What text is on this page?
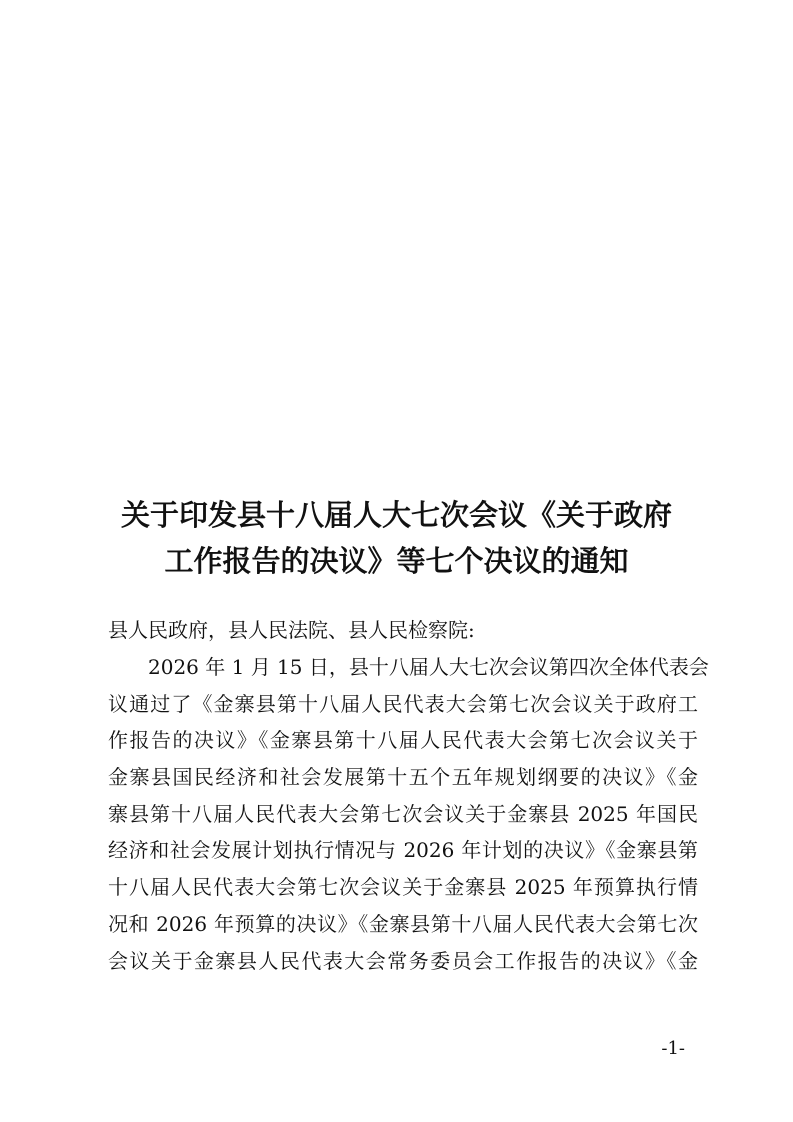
关于印发县十八届人大七次会议《关于政府
工作报告的决议》等七个决议的通知
县人民政府，县人民法院、县人民检察院:
2026 年 1 月 15 日，县十八届人大七次会议第四次全体代表会
议通过了《金寨县第十八届人民代表大会第七次会议关于政府工
作报告的决议》《金寨县第十八届人民代表大会第七次会议关于
金寨县国民经济和社会发展第十五个五年规划纲要的决议》《金
寨县第十八届人民代表大会第七次会议关于金寨县 2025 年国民
经济和社会发展计划执行情况与 2026 年计划的决议》《金寨县第
十八届人民代表大会第七次会议关于金寨县 2025 年预算执行情
况和 2026 年预算的决议》《金寨县第十八届人民代表大会第七次
会议关于金寨县人民代表大会常务委员会工作报告的决议》《金
-1-
